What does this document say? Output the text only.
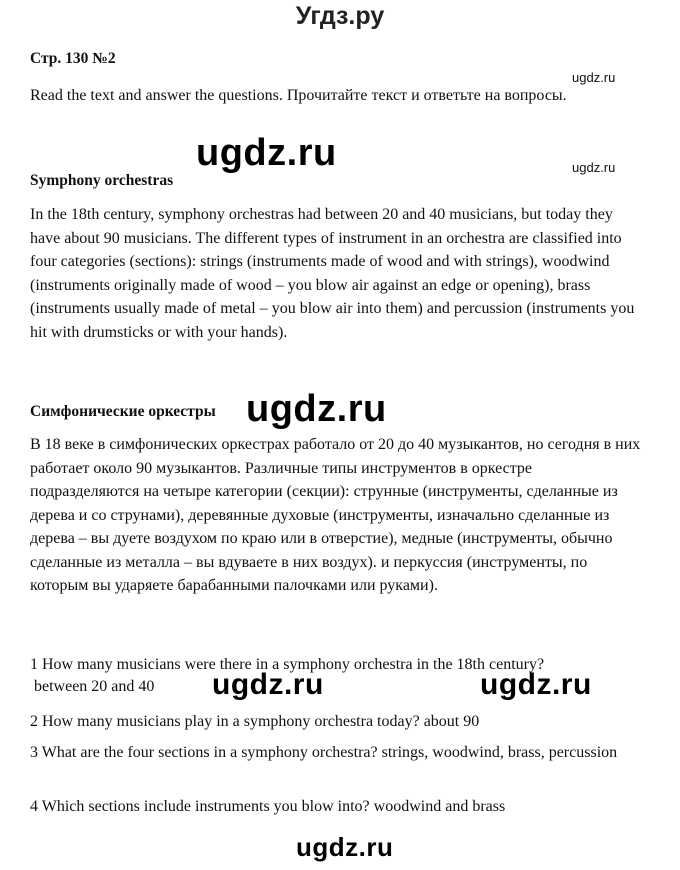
Угдз.ру
Стр. 130 №2
ugdz.ru
Read the text and answer the questions. Прочитайте текст и ответьте на вопросы.
ugdz.ru	ugdz.ru
Symphony orchestras
In the 18th century, symphony orchestras had between 20 and 40 musicians, but today they have about 90 musicians. The different types of instrument in an orchestra are classified into four categories (sections): strings (instruments made of wood and with strings), woodwind (instruments originally made of wood – you blow air against an edge or opening), brass (instruments usually made of metal – you blow air into them) and percussion (instruments you hit with drumsticks or with your hands).
Симфонические оркестры ugdz.ru
В 18 веке в симфонических оркестрах работало от 20 до 40 музыкантов, но сегодня в них работает около 90 музыкантов. Различные типы инструментов в оркестре подразделяются на четыре категории (секции): струнные (инструменты, сделанные из дерева и со струнами), деревянные духовые (инструменты, изначально сделанные из дерева – вы дуете воздухом по краю или в отверстие), медные (инструменты, обычно сделанные из металла – вы вдуваете в них воздух). и перкуссия (инструменты, по которым вы ударяете барабанными палочками или руками).
1 How many musicians were there in a symphony orchestra in the 18th century?
between 20 and 40	ugdz.ru	ugdz.ru
2 How many musicians play in a symphony orchestra today? about 90
3 What are the four sections in a symphony orchestra? strings, woodwind, brass, percussion
4 Which sections include instruments you blow into? woodwind and brass
ugdz.ru
